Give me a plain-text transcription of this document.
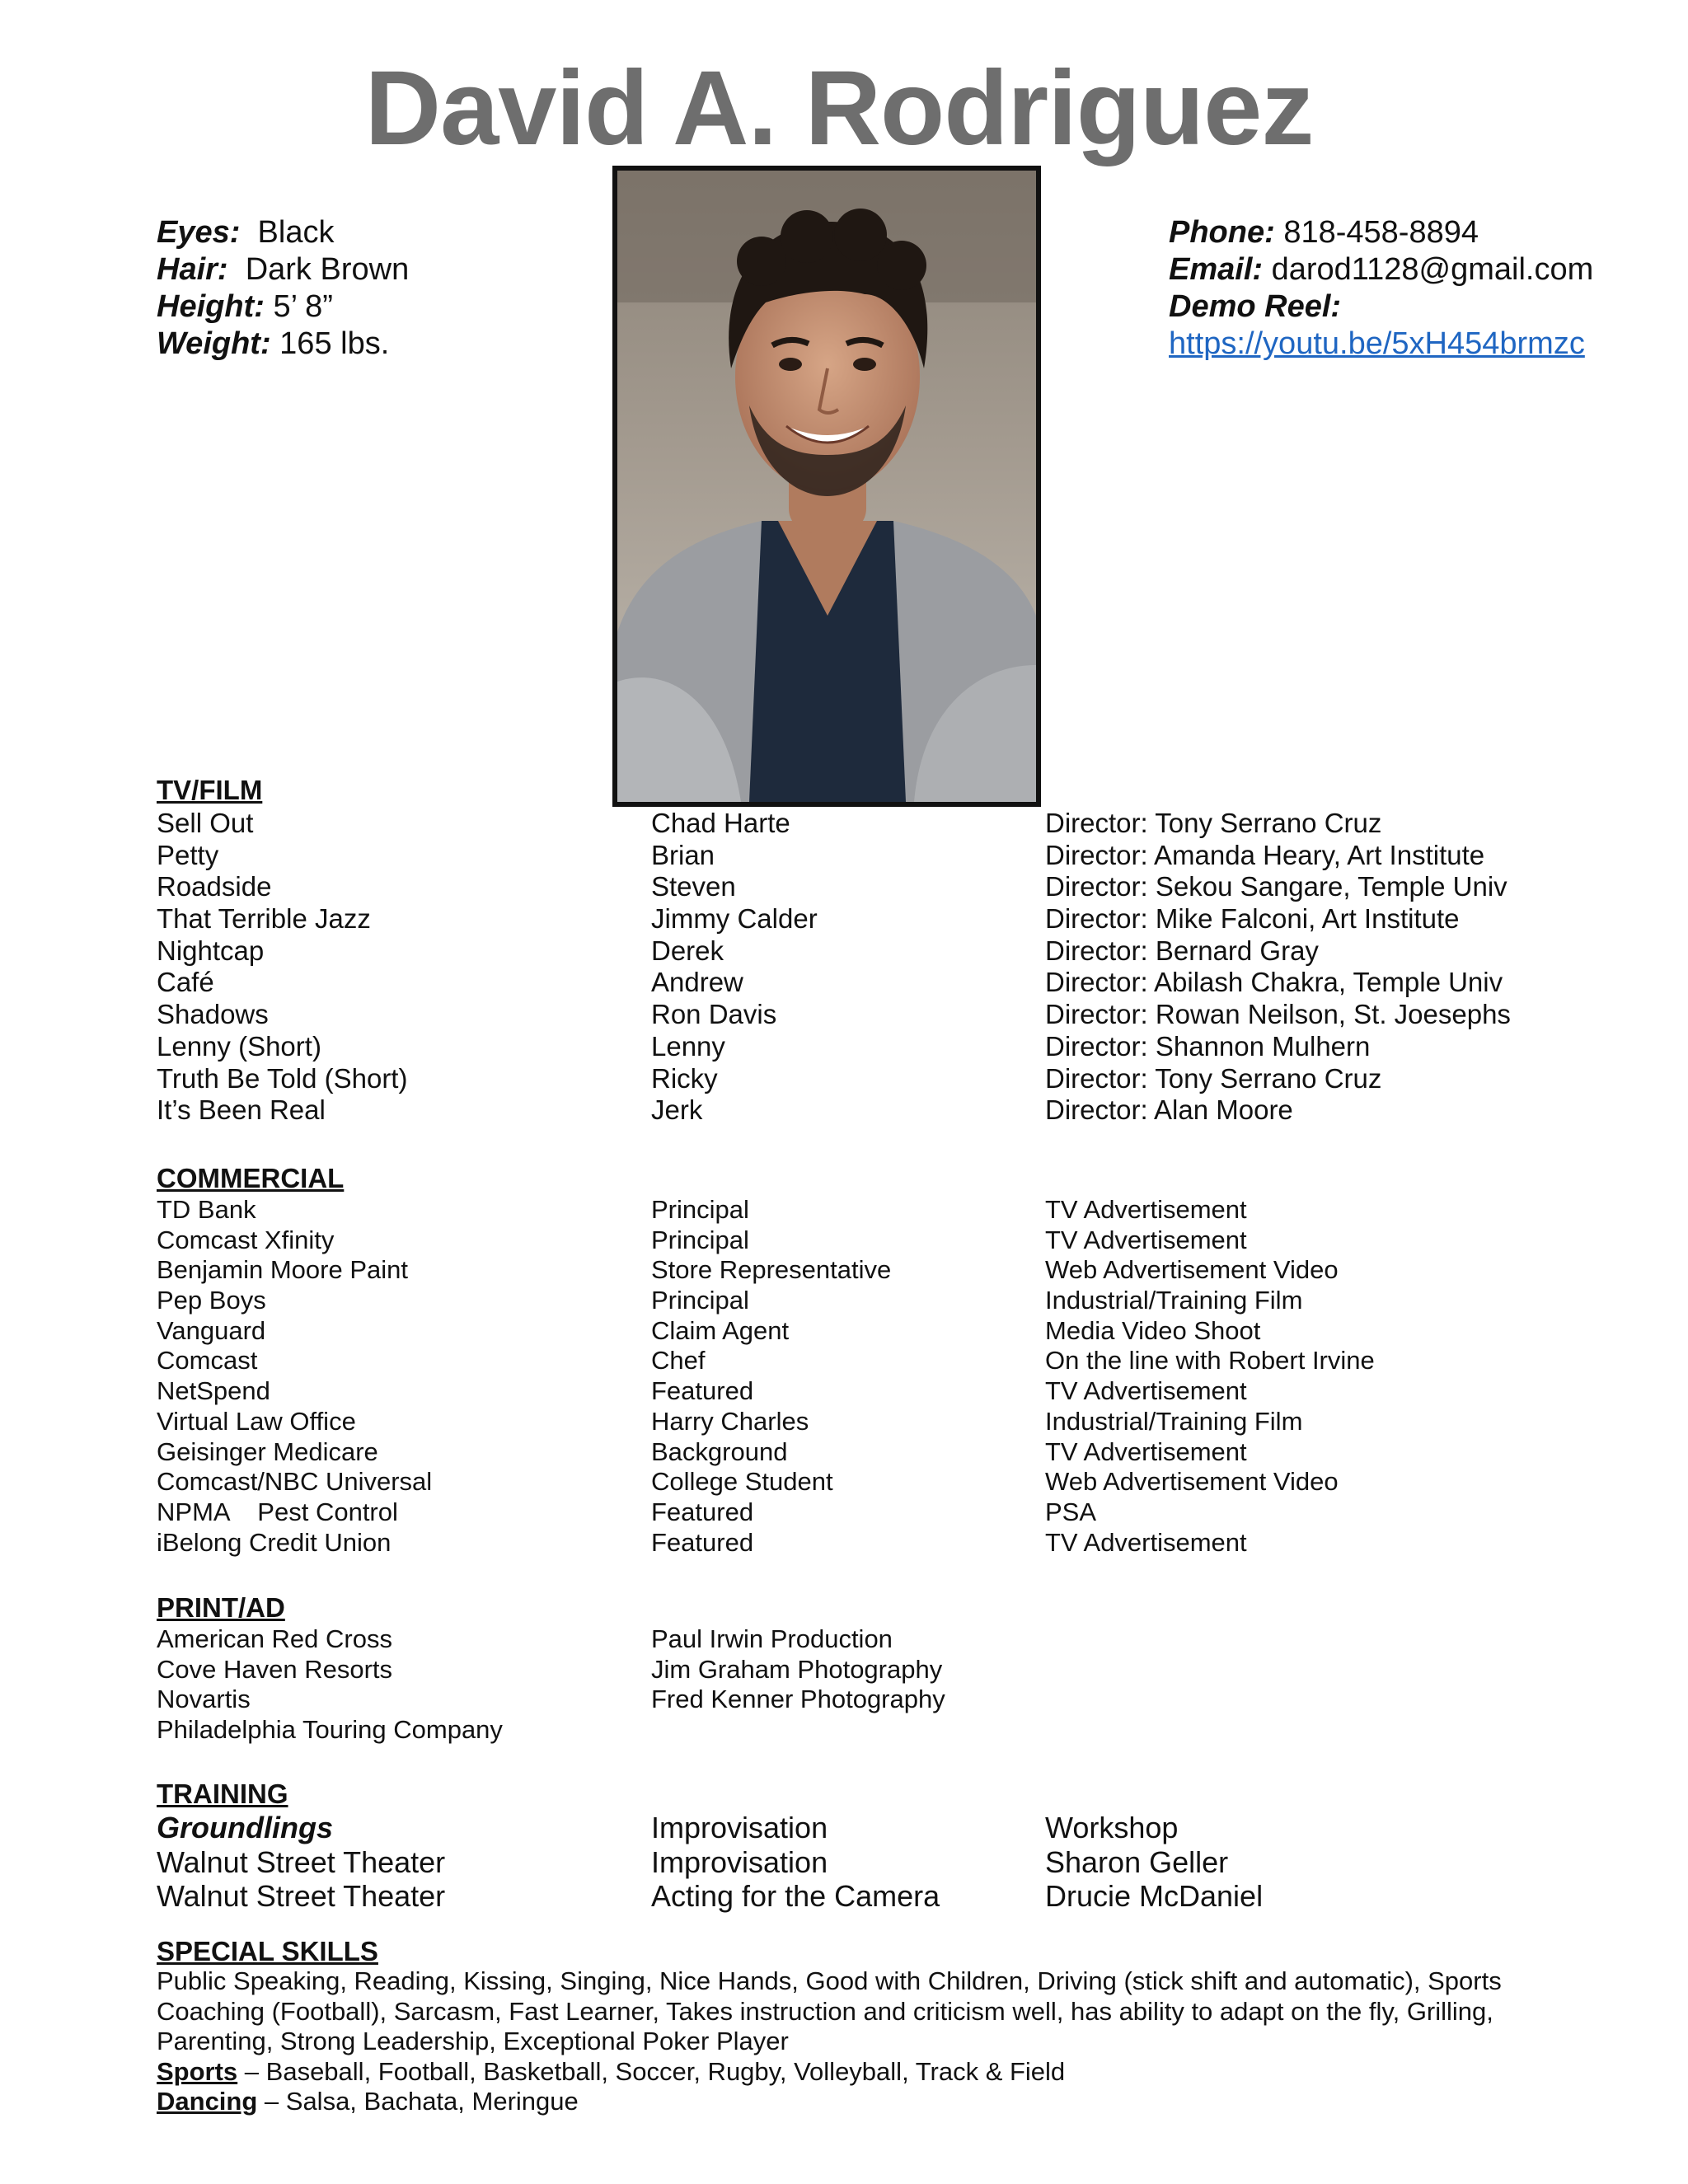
David A. Rodriguez
Eyes: Black
Hair: Dark Brown
Height: 5’ 8”
Weight: 165 lbs.
Phone: 818-458-8894
Email: darod1128@gmail.com
Demo Reel:
https://youtu.be/5xH454brmzc
TV/FILM
Sell Out	Chad Harte	Director: Tony Serrano Cruz
Petty	Brian	Director: Amanda Heary, Art Institute
Roadside	Steven	Director: Sekou Sangare, Temple Univ
That Terrible Jazz	Jimmy Calder	Director: Mike Falconi, Art Institute
Nightcap	Derek	Director: Bernard Gray
Café	Andrew	Director: Abilash Chakra, Temple Univ
Shadows	Ron Davis	Director: Rowan Neilson, St. Joesephs
Lenny (Short)	Lenny	Director: Shannon Mulhern
Truth Be Told (Short)	Ricky	Director: Tony Serrano Cruz
It’s Been Real	Jerk	Director: Alan Moore
COMMERCIAL
TD Bank	Principal	TV Advertisement
Comcast Xfinity	Principal	TV Advertisement
Benjamin Moore Paint	Store Representative	Web Advertisement Video
Pep Boys	Principal	Industrial/Training Film
Vanguard	Claim Agent	Media Video Shoot
Comcast	Chef	On the line with Robert Irvine
NetSpend	Featured	TV Advertisement
Virtual Law Office	Harry Charles	Industrial/Training Film
Geisinger Medicare	Background	TV Advertisement
Comcast/NBC Universal	College Student	Web Advertisement Video
NPMA    Pest Control	Featured	PSA
iBelong Credit Union	Featured	TV Advertisement
PRINT/AD
American Red Cross	Paul Irwin Production
Cove Haven Resorts	Jim Graham Photography
Novartis	Fred Kenner Photography
Philadelphia Touring Company
TRAINING
Groundlings	Improvisation	Workshop
Walnut Street Theater	Improvisation	Sharon Geller
Walnut Street Theater	Acting for the Camera	Drucie McDaniel
SPECIAL SKILLS

Public Speaking, Reading, Kissing, Singing, Nice Hands, Good with Children, Driving (stick shift and automatic), Sports Coaching (Football), Sarcasm, Fast Learner, Takes instruction and criticism well, has ability to adapt on the fly, Grilling, Parenting, Strong Leadership, Exceptional Poker Player

Sports – Baseball, Football, Basketball, Soccer, Rugby, Volleyball, Track & Field

Dancing – Salsa, Bachata, Meringue
